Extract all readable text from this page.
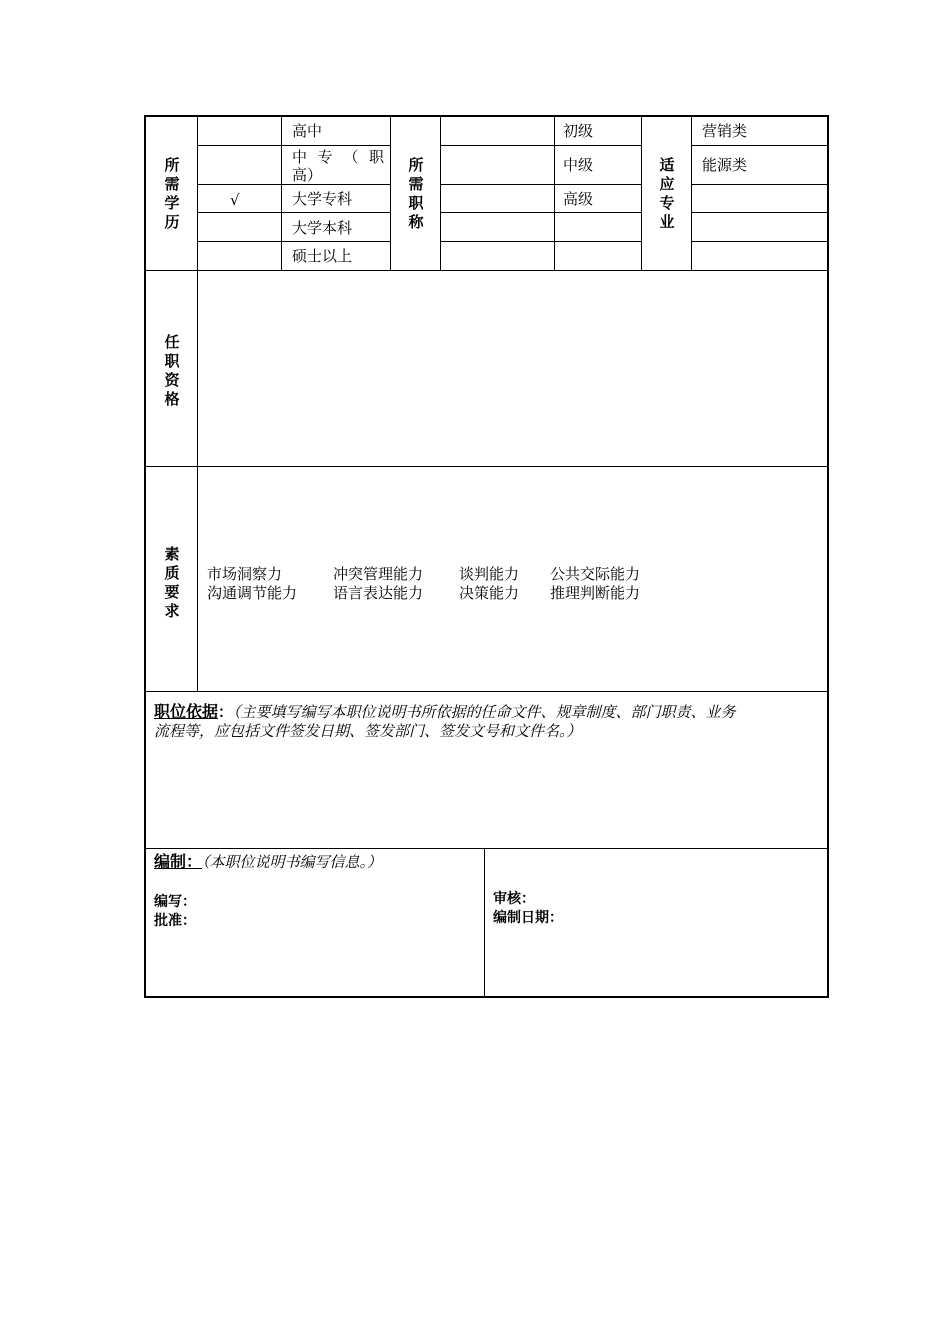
所
需
学
历
所
需
职
称
适
应
专
业
任
职
资
格
素
质
要
求
√
高中
中 专 （ 职
高）
大学专科
大学本科
硕士以上
初级
中级
高级
营销类
能源类
市场洞察力	冲突管理能力 谈判能力 公共交际能力
沟通调节能力 语言表达能力 决策能力 推理判断能力
职位依据：（主要填写编写本职位说明书所依据的任命文件、规章制度、部门职责、业务
流程等，应包括文件签发日期、签发部门、签发文号和文件名。）
编制：（本职位说明书编写信息。）
编写：
批准：
审核：
编制日期：
